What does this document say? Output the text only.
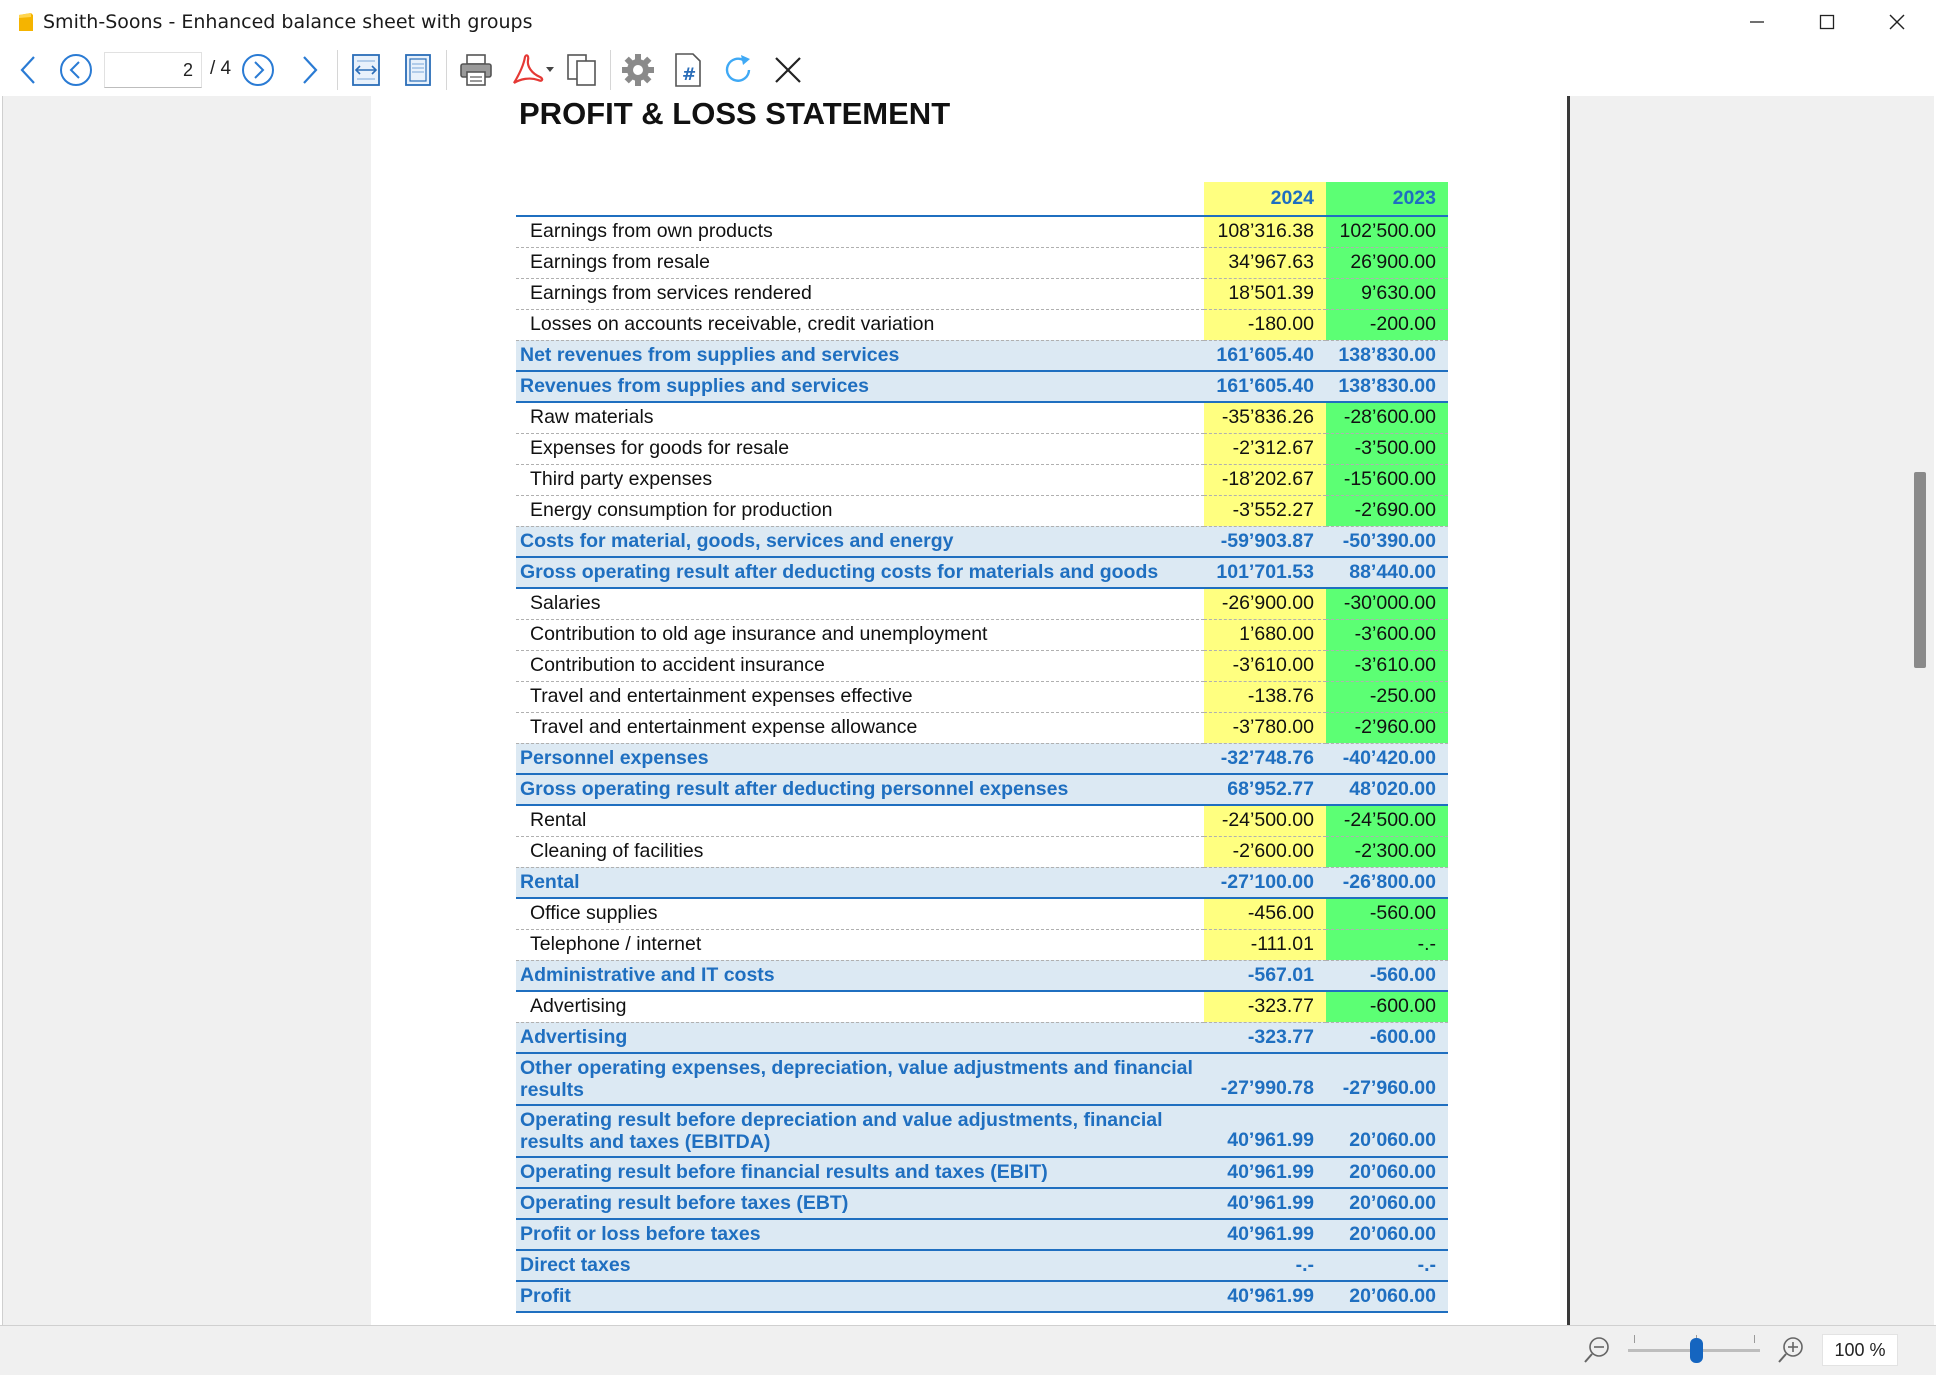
Smith-Soons - Enhanced balance sheet with groups
2 / 4	#
PROFIT & LOSS STATEMENT
	2024	2023
Earnings from own products	108’316.38	102’500.00
Earnings from resale	34’967.63	26’900.00
Earnings from services rendered	18’501.39	9’630.00
Losses on accounts receivable, credit variation	-180.00	-200.00
Net revenues from supplies and services	161’605.40	138’830.00
Revenues from supplies and services	161’605.40	138’830.00
Raw materials	-35’836.26	-28’600.00
Expenses for goods for resale	-2’312.67	-3’500.00
Third party expenses	-18’202.67	-15’600.00
Energy consumption for production	-3’552.27	-2’690.00
Costs for material, goods, services and energy	-59’903.87	-50’390.00
Gross operating result after deducting costs for materials and goods	101’701.53	88’440.00
Salaries	-26’900.00	-30’000.00
Contribution to old age insurance and unemployment	1’680.00	-3’600.00
Contribution to accident insurance	-3’610.00	-3’610.00
Travel and entertainment expenses effective	-138.76	-250.00
Travel and entertainment expense allowance	-3’780.00	-2’960.00
Personnel expenses	-32’748.76	-40’420.00
Gross operating result after deducting personnel expenses	68’952.77	48’020.00
Rental	-24’500.00	-24’500.00
Cleaning of facilities	-2’600.00	-2’300.00
Rental	-27’100.00	-26’800.00
Office supplies	-456.00	-560.00
Telephone / internet	-111.01	-.-
Administrative and IT costs	-567.01	-560.00
Advertising	-323.77	-600.00
Advertising	-323.77	-600.00
Other operating expenses, depreciation, value adjustments and financial results	-27’990.78	-27’960.00
Operating result before depreciation and value adjustments, financial results and taxes (EBITDA)	40’961.99	20’060.00
Operating result before financial results and taxes (EBIT)	40’961.99	20’060.00
Operating result before taxes (EBT)	40’961.99	20’060.00
Profit or loss before taxes	40’961.99	20’060.00
Direct taxes	-.-	-.-
Profit	40’961.99	20’060.00
100 %
